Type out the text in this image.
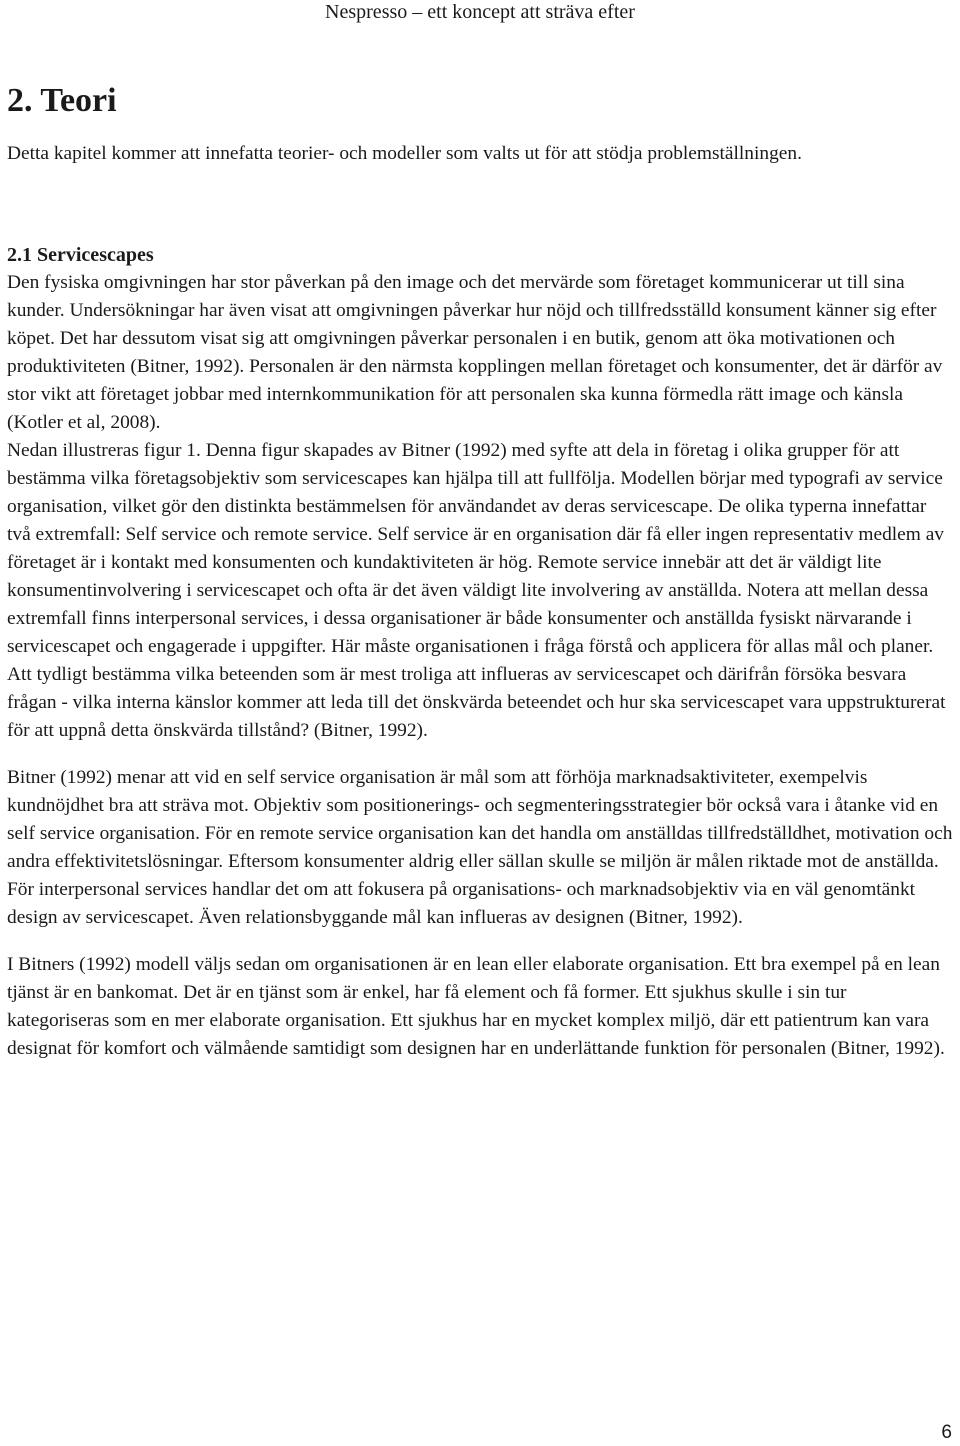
Nespresso – ett koncept att sträva efter
2. Teori

Detta kapitel kommer att innefatta teorier- och modeller som valts ut för att stödja problemställningen.

2.1 Servicescapes

Den fysiska omgivningen har stor påverkan på den image och det mervärde som företaget kommunicerar ut till sina kunder. Undersökningar har även visat att omgivningen påverkar hur nöjd och tillfredsställd konsument känner sig efter köpet. Det har dessutom visat sig att omgivningen påverkar personalen i en butik, genom att öka motivationen och produktiviteten (Bitner, 1992). Personalen är den närmsta kopplingen mellan företaget och konsumenter, det är därför av stor vikt att företaget jobbar med internkommunikation för att personalen ska kunna förmedla rätt image och känsla (Kotler et al, 2008).

Nedan illustreras figur 1. Denna figur skapades av Bitner (1992) med syfte att dela in företag i olika grupper för att bestämma vilka företagsobjektiv som servicescapes kan hjälpa till att fullfölja. Modellen börjar med typografi av service organisation, vilket gör den distinkta bestämmelsen för användandet av deras servicescape. De olika typerna innefattar två extremfall: Self service och remote service. Self service är en organisation där få eller ingen representativ medlem av företaget är i kontakt med konsumenten och kundaktiviteten är hög. Remote service innebär att det är väldigt lite konsumentinvolvering i servicescapet och ofta är det även väldigt lite involvering av anställda. Notera att mellan dessa extremfall finns interpersonal services, i dessa organisationer är både konsumenter och anställda fysiskt närvarande i servicescapet och engagerade i uppgifter. Här måste organisationen i fråga förstå och applicera för allas mål och planer. Att tydligt bestämma vilka beteenden som är mest troliga att influeras av servicescapet och därifrån försöka besvara frågan - vilka interna känslor kommer att leda till det önskvärda beteendet och hur ska servicescapet vara uppstrukturerat för att uppnå detta önskvärda tillstånd? (Bitner, 1992).

Bitner (1992) menar att vid en self service organisation är mål som att förhöja marknadsaktiviteter, exempelvis kundnöjdhet bra att sträva mot. Objektiv som positionerings- och segmenteringsstrategier bör också vara i åtanke vid en self service organisation. För en remote service organisation kan det handla om anställdas tillfredställdhet, motivation och andra effektivitetslösningar. Eftersom konsumenter aldrig eller sällan skulle se miljön är målen riktade mot de anställda. För interpersonal services handlar det om att fokusera på organisations- och marknadsobjektiv via en väl genomtänkt design av servicescapet. Även relationsbyggande mål kan influeras av designen (Bitner, 1992).

I Bitners (1992) modell väljs sedan om organisationen är en lean eller elaborate organisation. Ett bra exempel på en lean tjänst är en bankomat. Det är en tjänst som är enkel, har få element och få former. Ett sjukhus skulle i sin tur kategoriseras som en mer elaborate organisation. Ett sjukhus har en mycket komplex miljö, där ett patientrum kan vara designat för komfort och välmående samtidigt som designen har en underlättande funktion för personalen (Bitner, 1992).

6
